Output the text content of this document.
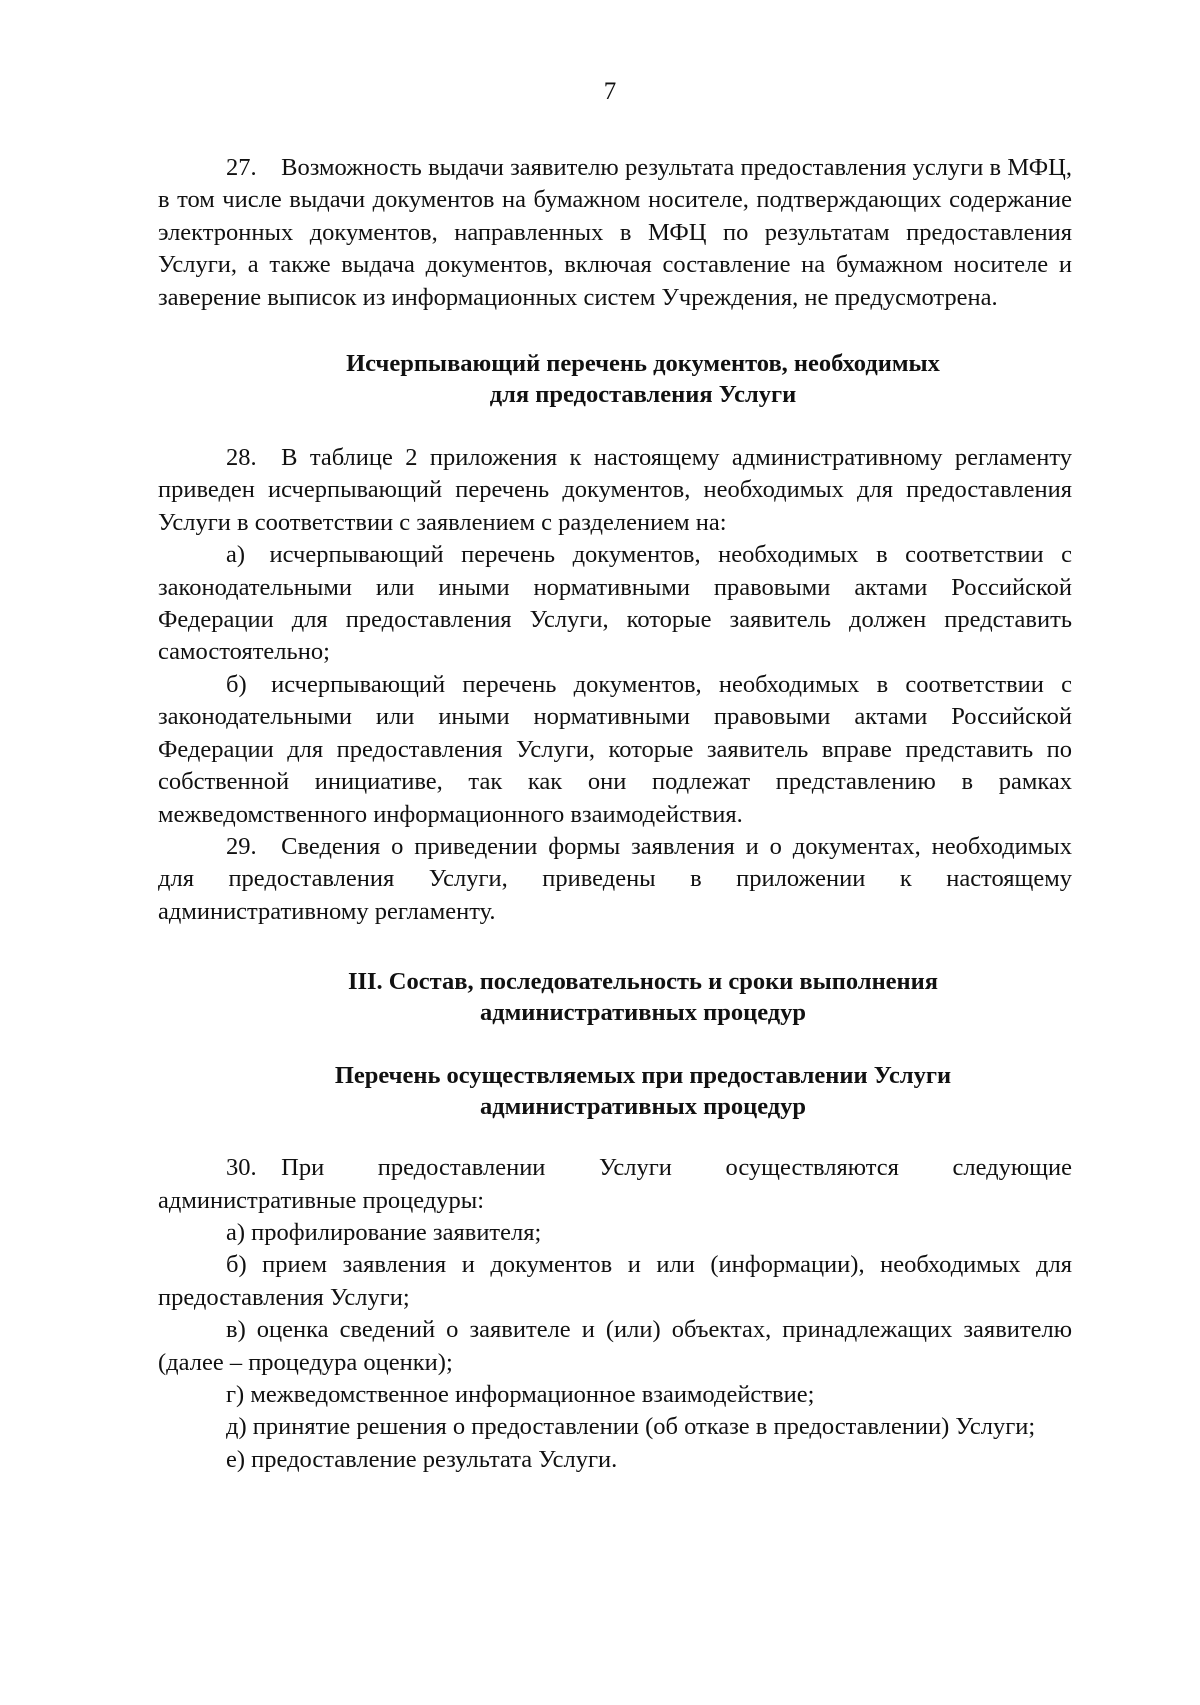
7

27. Возможность выдачи заявителю результата предоставления услуги в МФЦ, в том числе выдачи документов на бумажном носителе, подтверждающих содержание электронных документов, направленных в МФЦ по результатам предоставления Услуги, а также выдача документов, включая составление на бумажном носителе и заверение выписок из информационных систем Учреждения, не предусмотрена.

Исчерпывающий перечень документов, необходимых
для предоставления Услуги

28. В таблице 2 приложения к настоящему административному регламенту приведен исчерпывающий перечень документов, необходимых для предоставления Услуги в соответствии с заявлением с разделением на:

а) исчерпывающий перечень документов, необходимых в соответствии с законодательными или иными нормативными правовыми актами Российской Федерации для предоставления Услуги, которые заявитель должен представить самостоятельно;

б) исчерпывающий перечень документов, необходимых в соответствии с законодательными или иными нормативными правовыми актами Российской Федерации для предоставления Услуги, которые заявитель вправе представить по собственной инициативе, так как они подлежат представлению в рамках межведомственного информационного взаимодействия.

29. Сведения о приведении формы заявления и о документах, необходимых для предоставления Услуги, приведены в приложении к настоящему административному регламенту.

III. Состав, последовательность и сроки выполнения
административных процедур
Перечень осуществляемых при предоставлении Услуги
административных процедур

30. При предоставлении Услуги осуществляются следующие административные процедуры:

а) профилирование заявителя;

б) прием заявления и документов и или (информации), необходимых для предоставления Услуги;

в) оценка сведений о заявителе и (или) объектах, принадлежащих заявителю (далее – процедура оценки);

г) межведомственное информационное взаимодействие;

д) принятие решения о предоставлении (об отказе в предоставлении) Услуги;

е) предоставление результата Услуги.
